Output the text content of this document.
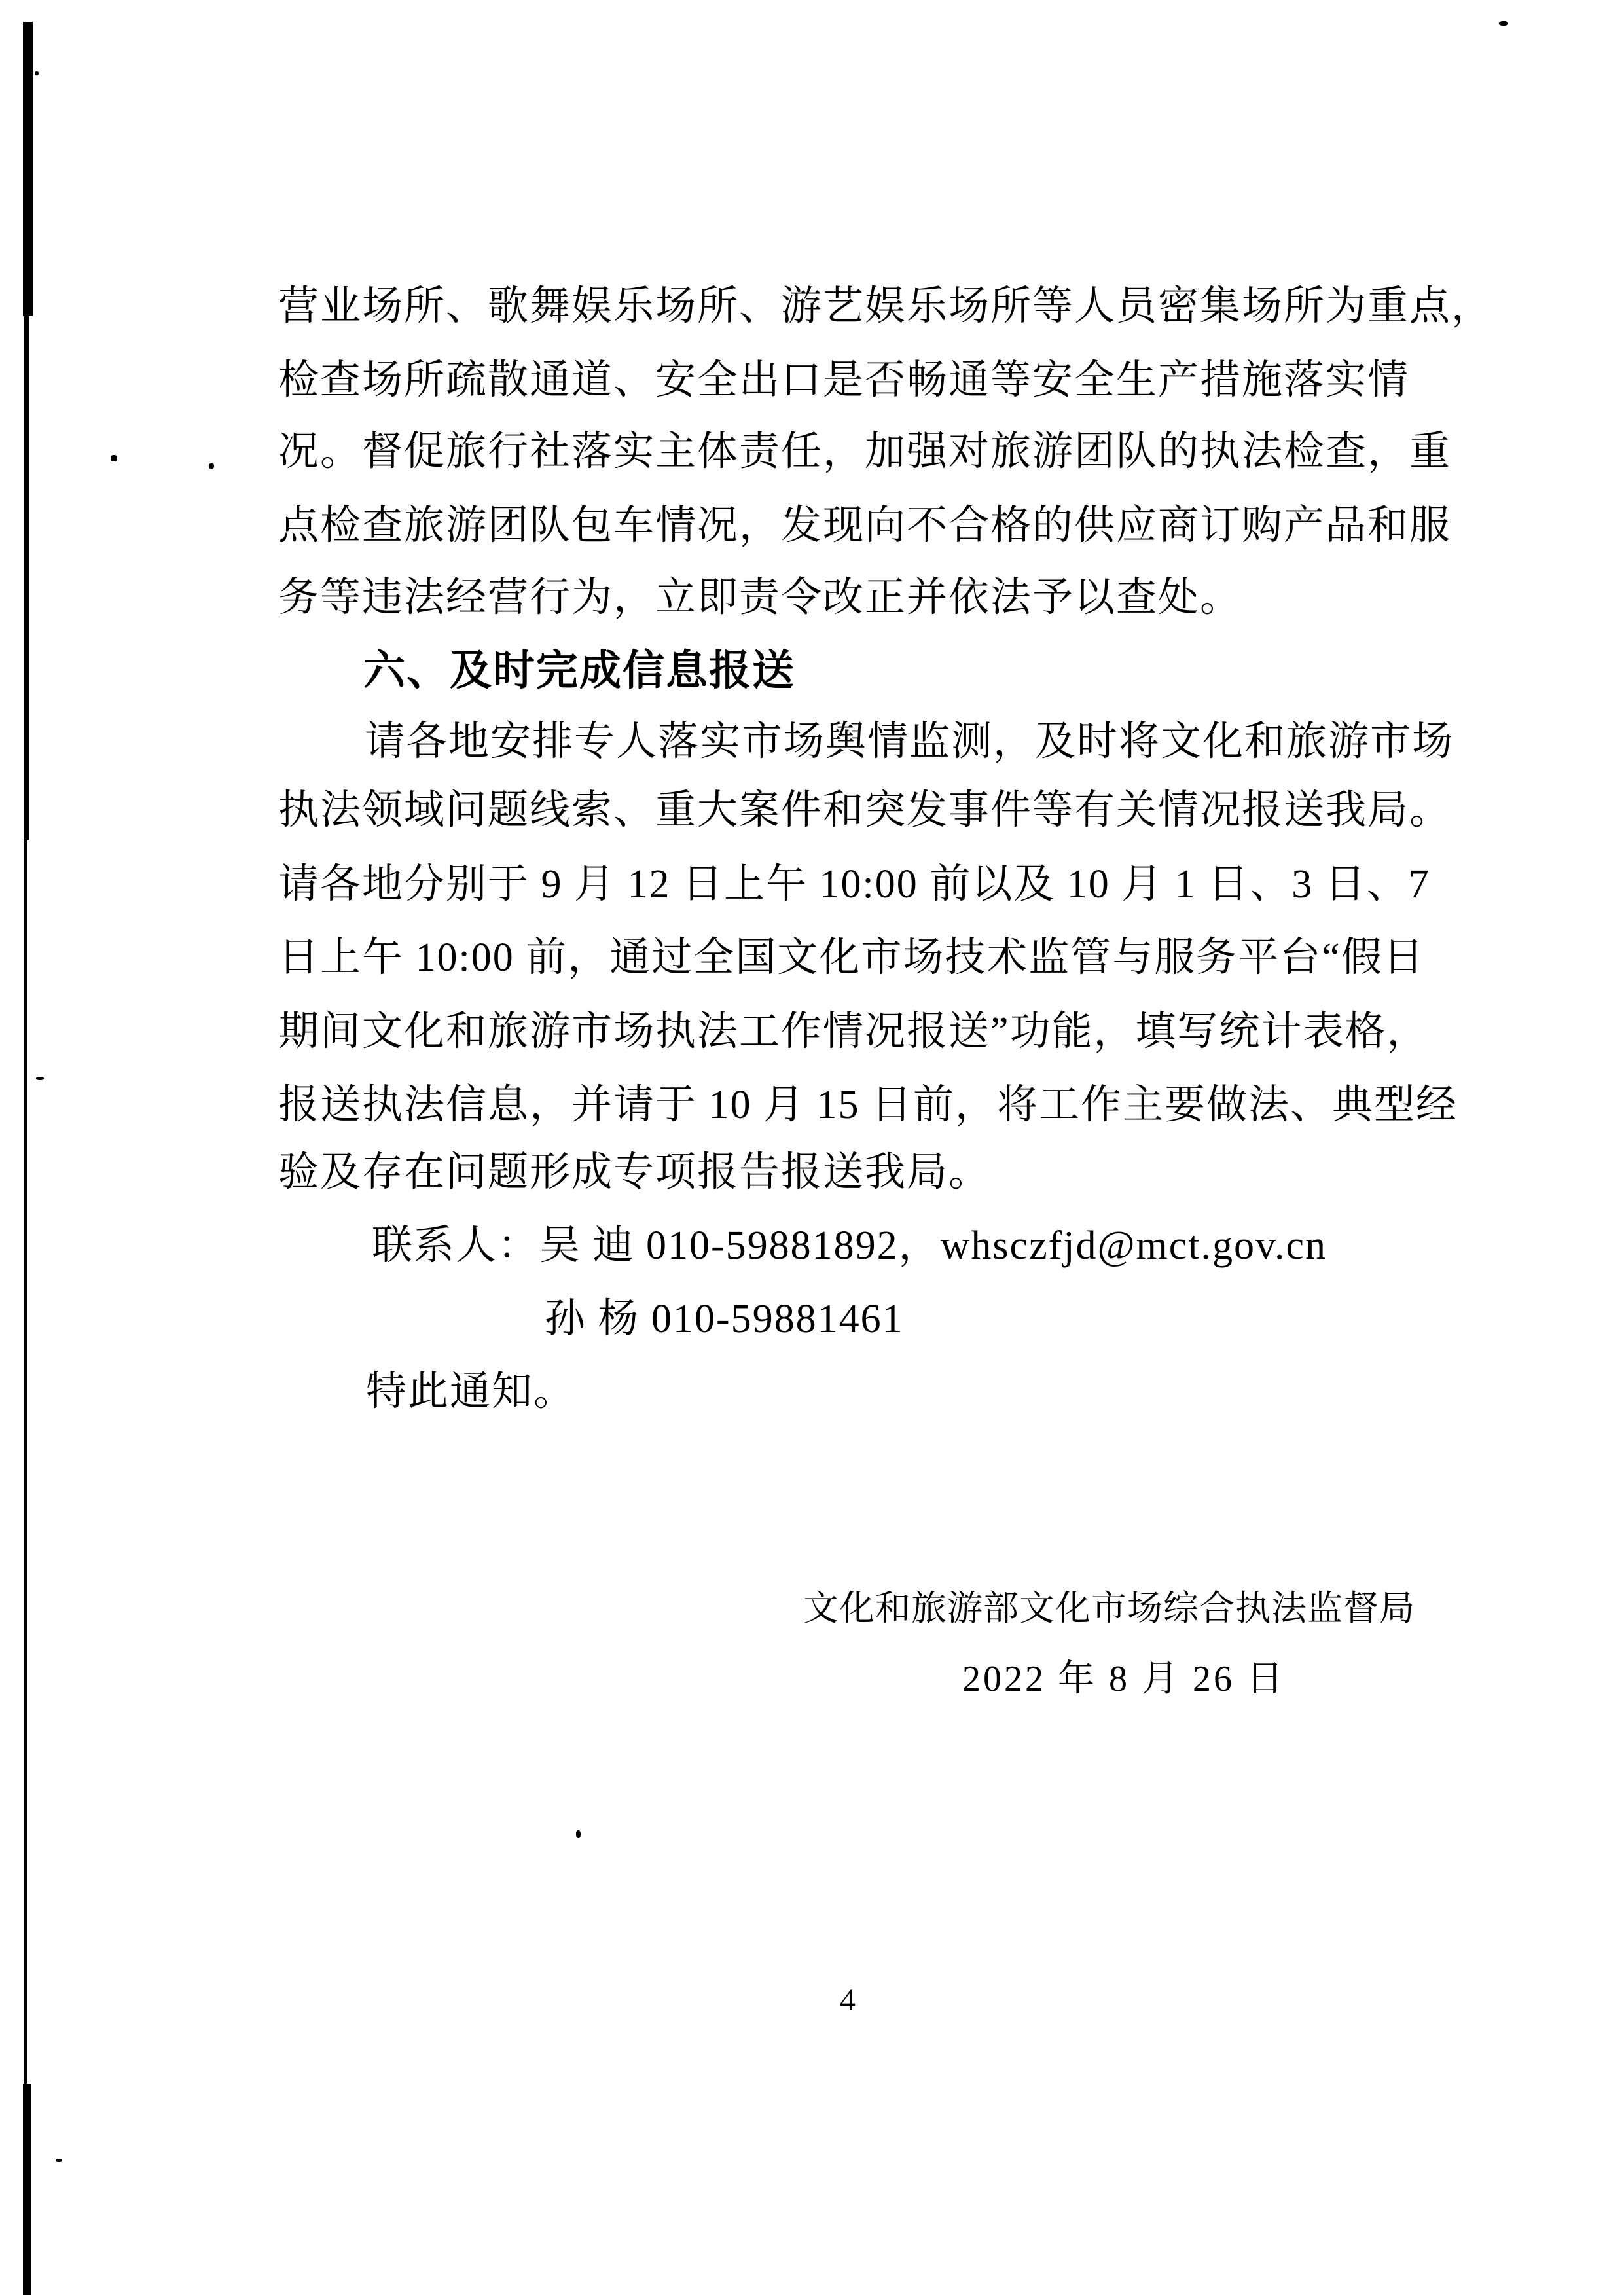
营业场所、歌舞娱乐场所、游艺娱乐场所等人员密集场所为重点，
检查场所疏散通道、安全出口是否畅通等安全生产措施落实情
况。督促旅行社落实主体责任，加强对旅游团队的执法检查，重
点检查旅游团队包车情况，发现向不合格的供应商订购产品和服
务等违法经营行为，立即责令改正并依法予以查处。
六、及时完成信息报送
请各地安排专人落实市场舆情监测，及时将文化和旅游市场
执法领域问题线索、重大案件和突发事件等有关情况报送我局。
请各地分别于 9 月 12 日上午 10:00 前以及 10 月 1 日、3 日、7
日上午 10:00 前，通过全国文化市场技术监管与服务平台“假日
期间文化和旅游市场执法工作情况报送”功能，填写统计表格，
报送执法信息，并请于 10 月 15 日前，将工作主要做法、典型经
验及存在问题形成专项报告报送我局。
联系人：吴 迪 010-59881892，whsczfjd@mct.gov.cn
孙 杨 010-59881461
特此通知。
文化和旅游部文化市场综合执法监督局
2022 年 8 月 26 日
4
